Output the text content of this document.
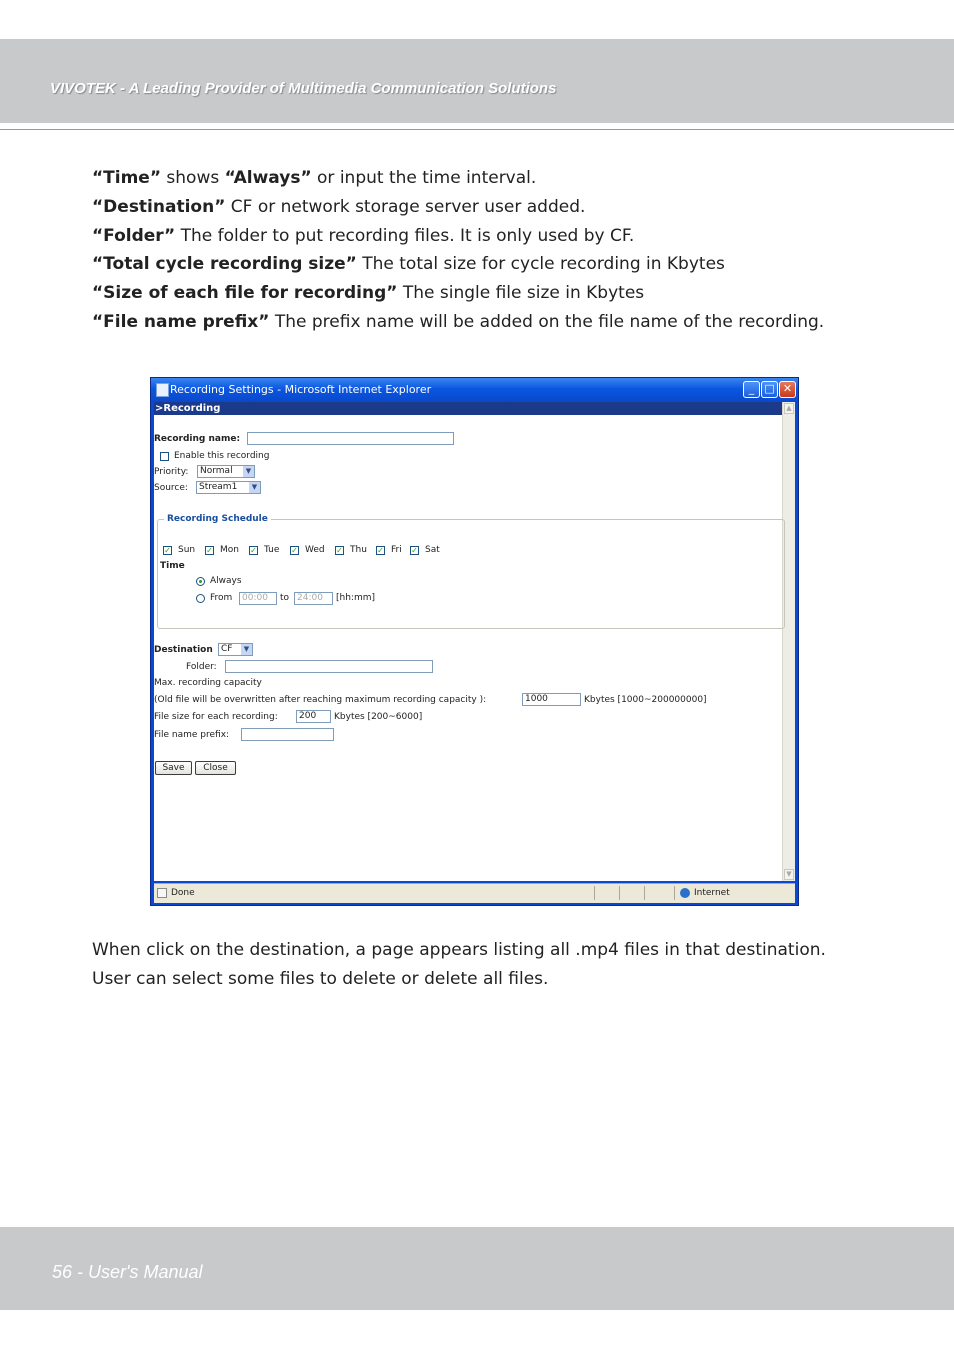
VIVOTEK - A Leading Provider of Multimedia Communication Solutions
“Time” shows “Always” or input the time interval.
“Destination” CF or network storage server user added.
“Folder” The folder to put recording files. It is only used by CF.
“Total cycle recording size” The total size for cycle recording in Kbytes
“Size of each file for recording” The single file size in Kbytes
“File name prefix” The prefix name will be added on the file name of the recording.
Recording Settings - Microsoft Internet Explorer	_ □ ✕
>Recording	▲
▼
Recording name:
Enable this recording
Priority:	Normal	▼
Source:	Stream1	▼
Recording Schedule
✓ Sun ✓ Mon ✓ Tue ✓ Wed ✓ Thu ✓ Fri ✓ Sat
Time
Always
From	00:00	to 24:00	[hh:mm]
Destination CF	▼
Folder:
Max. recording capacity
(Old file will be overwritten after reaching maximum recording capacity ):	1000	Kbytes [1000~200000000]
File size for each recording:	200	Kbytes [200~6000]
File name prefix:
Save	Close
Done	Internet
When click on the destination, a page appears listing all .mp4 files in that destination.
User can select some files to delete or delete all files.
56 - User's Manual
